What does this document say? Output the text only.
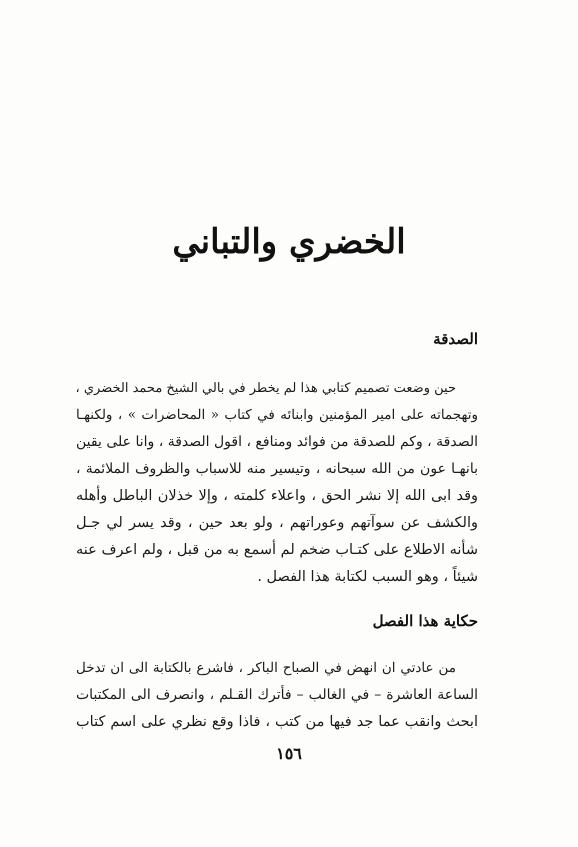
الخضري والتباني
الصدقة
حين وضعت تصميم كتابي هذا لم يخطر في بالي الشيخ محمد الخضري ،
وتهجماته على امير المؤمنين وابنائه في كتاب « المحاضرات » ، ولكنهـا
الصدقة ، وكم للصدقة من فوائد ومنافع ، اقول الصدقة ، وانا على يقين
بانهـا عون من الله سبحانه ، وتيسير منه للاسباب والظروف الملائمة ،
وقد ابى الله إلا نشر الحق ، واعلاء كلمته ، وإلا خذلان الباطل وأهله
والكشف عن سوآتهم وعوراتهم ، ولو بعد حين ، وقد يسر لي جـل
شأنه الاطلاع على كتـاب ضخم لم أسمع به من قبل ، ولم اعرف عنه
شيئاً ، وهو السبب لكتابة هذا الفصل .
حكاية هذا الفصل
من عادتي ان انهض في الصباح الباكر ، فاشرع بالكتابة الى ان تدخل
الساعة العاشرة – في الغالب – فأترك القـلم ، وانصرف الى المكتبات
ابحث وانقب عما جد فيها من كتب ، فاذا وقع نظري على اسم كتاب
١٥٦
